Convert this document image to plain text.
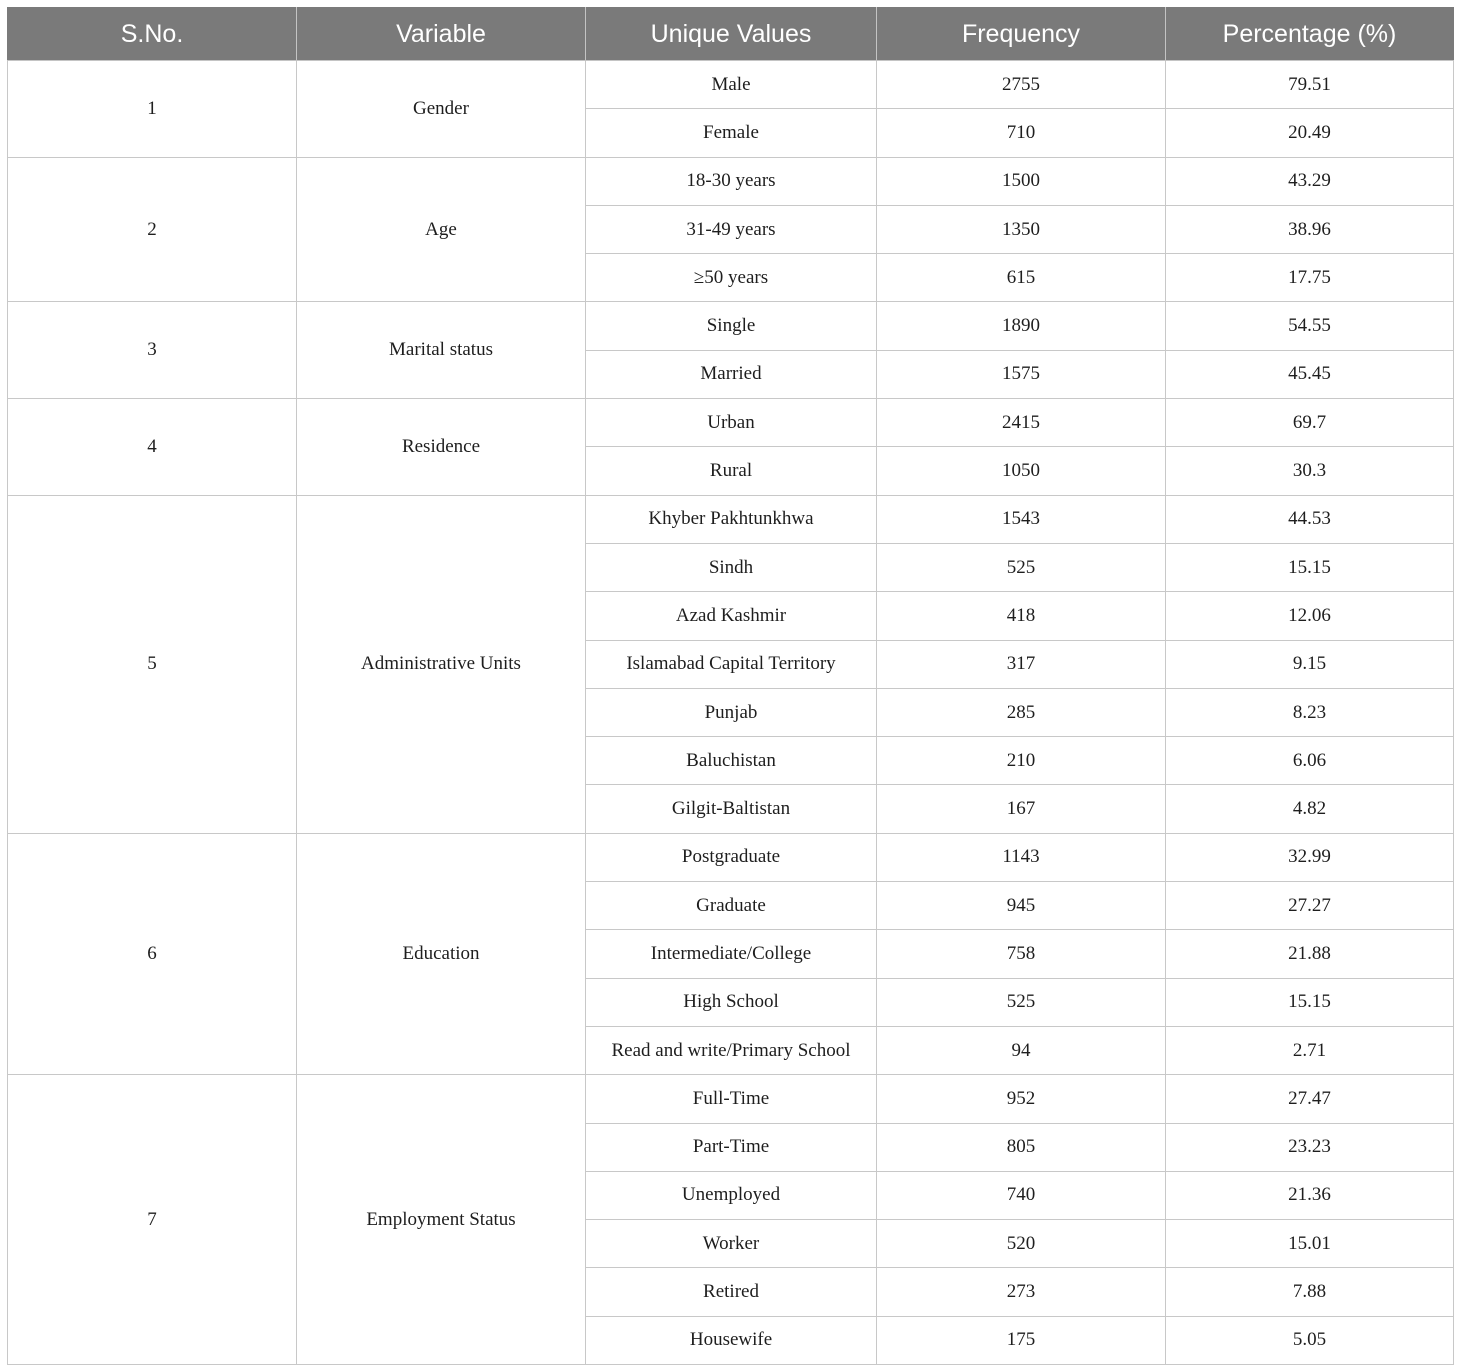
S.No.	Variable	Unique Values	Frequency	Percentage (%)
1	Gender	Male	2755	79.51
		Female	710	20.49
2	Age	18-30 years	1500	43.29
		31-49 years	1350	38.96
		≥50 years	615	17.75
3	Marital status	Single	1890	54.55
		Married	1575	45.45
4	Residence	Urban	2415	69.7
		Rural	1050	30.3
5	Administrative Units	Khyber Pakhtunkhwa	1543	44.53
		Sindh	525	15.15
		Azad Kashmir	418	12.06
		Islamabad Capital Territory	317	9.15
		Punjab	285	8.23
		Baluchistan	210	6.06
		Gilgit-Baltistan	167	4.82
6	Education	Postgraduate	1143	32.99
		Graduate	945	27.27
		Intermediate/College	758	21.88
		High School	525	15.15
		Read and write/Primary School	94	2.71
7	Employment Status	Full-Time	952	27.47
		Part-Time	805	23.23
		Unemployed	740	21.36
		Worker	520	15.01
		Retired	273	7.88
		Housewife	175	5.05
